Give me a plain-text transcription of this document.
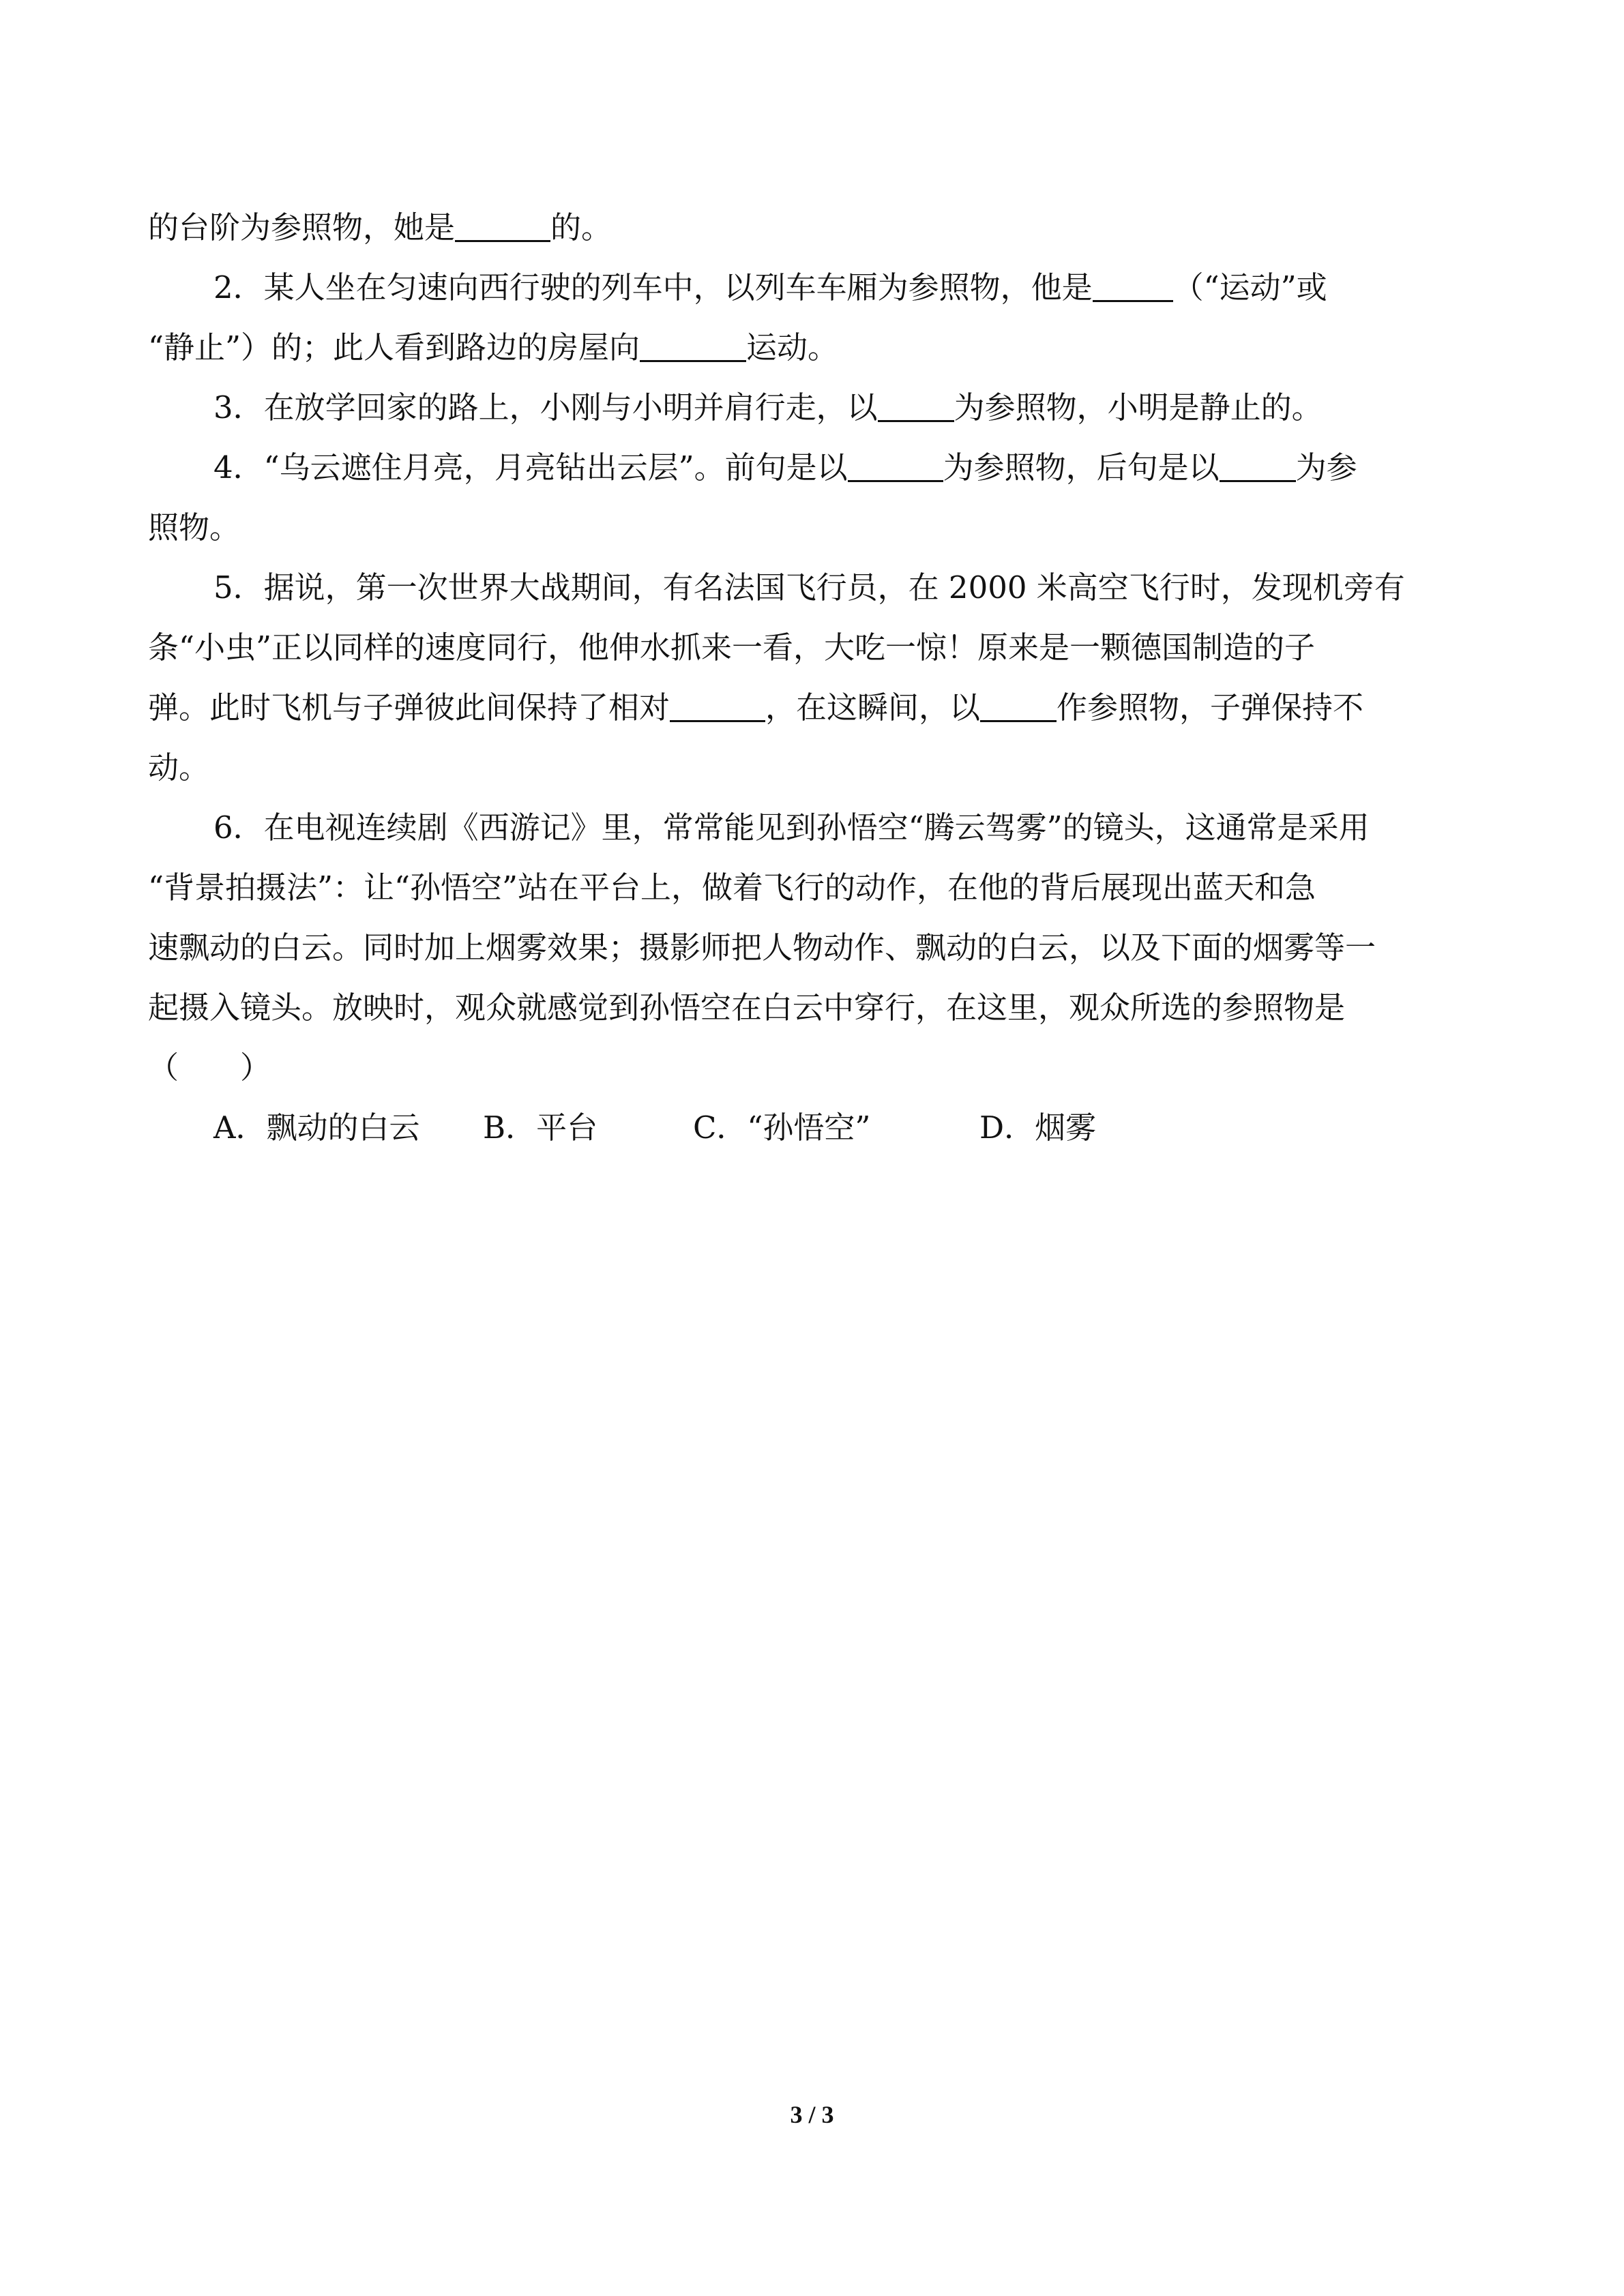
的台阶为参照物，她是	的。
2．某人坐在匀速向西行驶的列车中，以列车车厢为参照物，他是	（“运动”或
“静止”）的；此人看到路边的房屋向	运动。
3．在放学回家的路上，小刚与小明并肩行走，以 为参照物，小明是静止的。
4．“乌云遮住月亮，月亮钻出云层”。前句是以	为参照物，后句是以 为参
照物。
5．据说，第一次世界大战期间，有名法国飞行员，在 2000 米高空飞行时，发现机旁有
条“小虫”正以同样的速度同行，他伸水抓来一看，大吃一惊！原来是一颗德国制造的子
弹。此时飞机与子弹彼此间保持了相对	，在这瞬间，以 作参照物，子弹保持不
动。
6．在电视连续剧《西游记》里，常常能见到孙悟空“腾云驾雾”的镜头，这通常是采用
“背景拍摄法”：让“孙悟空”站在平台上，做着飞行的动作，在他的背后展现出蓝天和急
速飘动的白云。同时加上烟雾效果；摄影师把人物动作、飘动的白云，以及下面的烟雾等一
起摄入镜头。放映时，观众就感觉到孙悟空在白云中穿行，在这里，观众所选的参照物是
（　　）
A．飘动的白云 B．平台	C．“孙悟空”	D．烟雾
3 / 3
